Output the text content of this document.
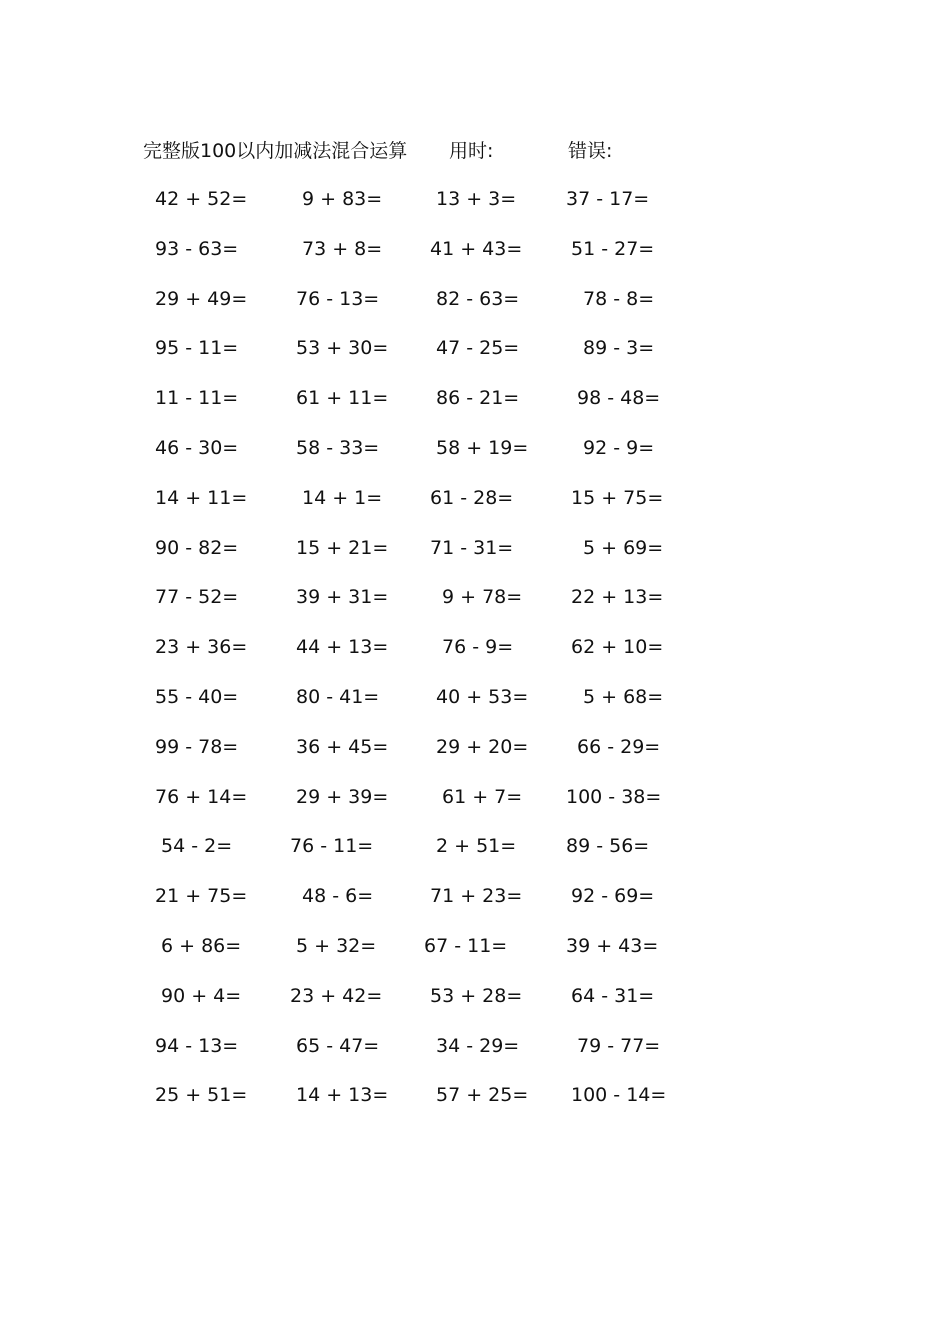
完整版100以内加减法混合运算 用时:	错误:
42 + 52=	9 + 83=	13 + 3=	37 - 17=
93 - 63=	73 + 8=	41 + 43=	51 - 27=
29 + 49=	76 - 13=	82 - 63=	78 - 8=
95 - 11=	53 + 30=	47 - 25=	89 - 3=
11 - 11=	61 + 11=	86 - 21=	98 - 48=
46 - 30=	58 - 33=	58 + 19=	92 - 9=
14 + 11=	14 + 1=	61 - 28=	15 + 75=
90 - 82=	15 + 21= 71 - 31=	5 + 69=
77 - 52=	39 + 31=	9 + 78=	22 + 13=
23 + 36=	44 + 13=	76 - 9=	62 + 10=
55 - 40=	80 - 41=	40 + 53=	5 + 68=
99 - 78=	36 + 45=	29 + 20=	66 - 29=
76 + 14=	29 + 39=	61 + 7= 100 - 38=
54 - 2=	76 - 11=	2 + 51=	89 - 56=
21 + 75=	48 - 6=	71 + 23=	92 - 69=
6 + 86=	5 + 32=	67 - 11=	39 + 43=
90 + 4=	23 + 42=	53 + 28=	64 - 31=
94 - 13=	65 - 47=	34 - 29=	79 - 77=
25 + 51=	14 + 13=	57 + 25= 100 - 14=
